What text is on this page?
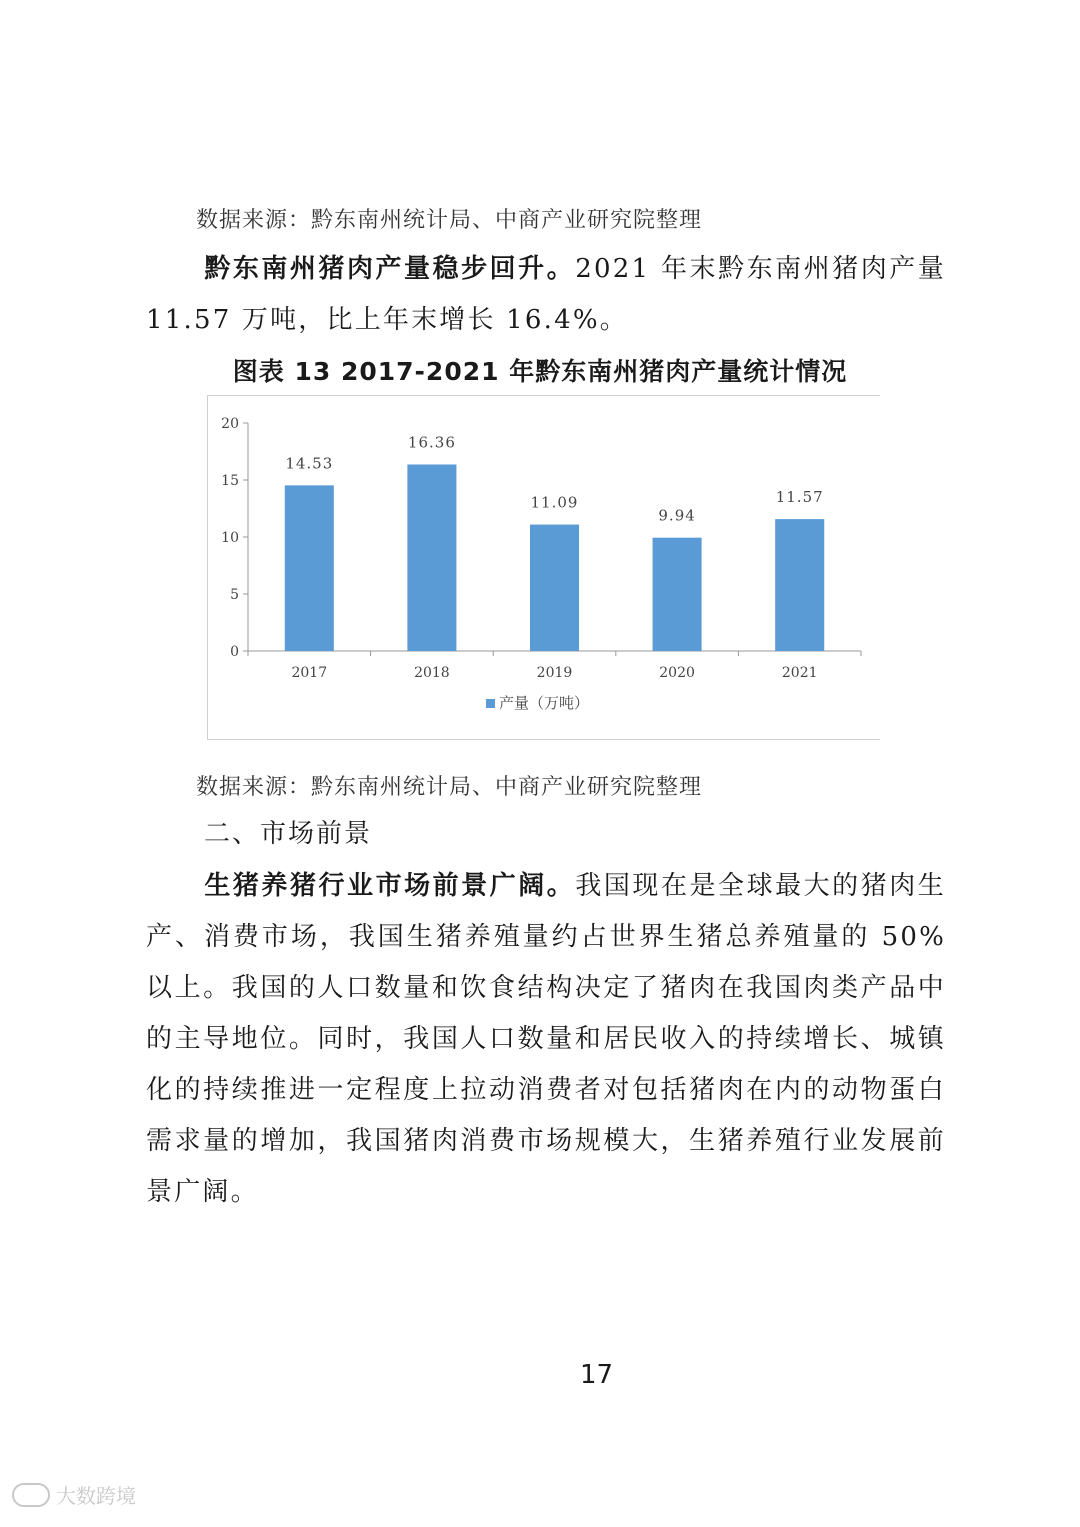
数据来源：黔东南州统计局、中商产业研究院整理
黔东南州猪肉产量稳步回升。2021 年末黔东南州猪肉产量 11.57 万吨，比上年末增长 16.4%。
图表 13 2017-2021 年黔东南州猪肉产量统计情况
0
5
10
15
20
14.53
2017
16.36
2018
11.09
2019
9.94
2020
11.57
2021
产量（万吨）
数据来源：黔东南州统计局、中商产业研究院整理
二、市场前景
生猪养猪行业市场前景广阔。我国现在是全球最大的猪肉生产、消费市场，我国生猪养殖量约占世界生猪总养殖量的 50%以上。我国的人口数量和饮食结构决定了猪肉在我国肉类产品中的主导地位。同时，我国人口数量和居民收入的持续增长、城镇化的持续推进一定程度上拉动消费者对包括猪肉在内的动物蛋白需求量的增加，我国猪肉消费市场规模大，生猪养殖行业发展前景广阔。
17
大数跨境
